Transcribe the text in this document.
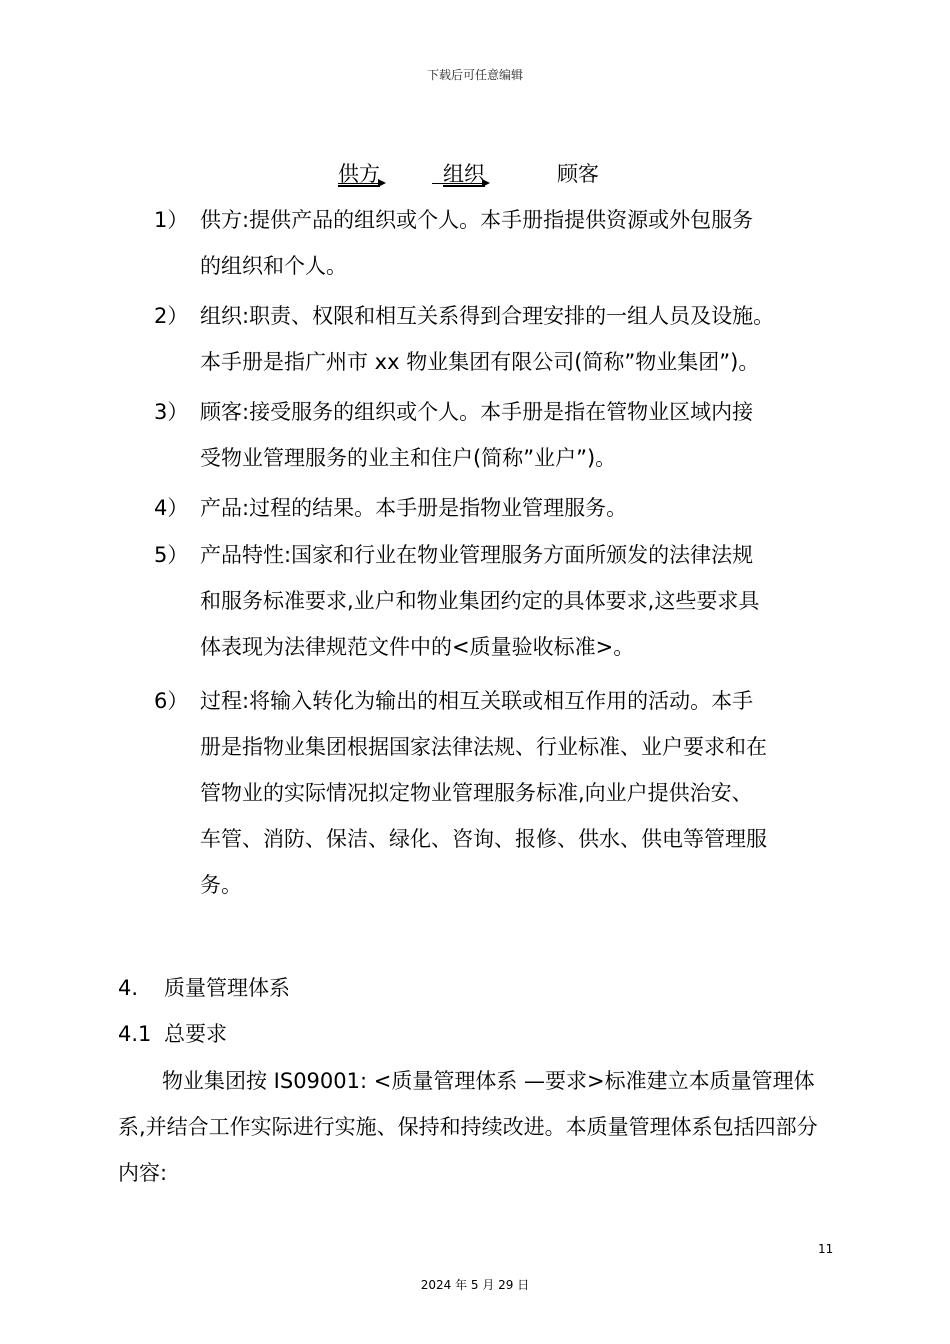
下载后可任意编辑
供方	组织	顾客
1） 供方:提供产品的组织或个人。本手册指提供资源或外包服务
的组织和个人。
2） 组织:职责、权限和相互关系得到合理安排的一组人员及设施。
本手册是指广州市 xx 物业集团有限公司(简称”物业集团”)。
3） 顾客:接受服务的组织或个人。本手册是指在管物业区域内接
受物业管理服务的业主和住户(简称”业户”)。
4） 产品:过程的结果。本手册是指物业管理服务。
5） 产品特性:国家和行业在物业管理服务方面所颁发的法律法规
和服务标准要求,业户和物业集团约定的具体要求,这些要求具
体表现为法律规范文件中的<质量验收标准>。
6） 过程:将输入转化为输出的相互关联或相互作用的活动。本手
册是指物业集团根据国家法律法规、行业标准、业户要求和在
管物业的实际情况拟定物业管理服务标准,向业户提供治安、
车管、消防、保洁、绿化、咨询、报修、供水、供电等管理服
务。
4. 质量管理体系
4.1 总要求
物业集团按 IS09001: <质量管理体系 —要求>标准建立本质量管理体系,并结合工作实际进行实施、保持和持续改进。本质量管理体系包括四部分内容:
11
2024 年 5 月 29 日
